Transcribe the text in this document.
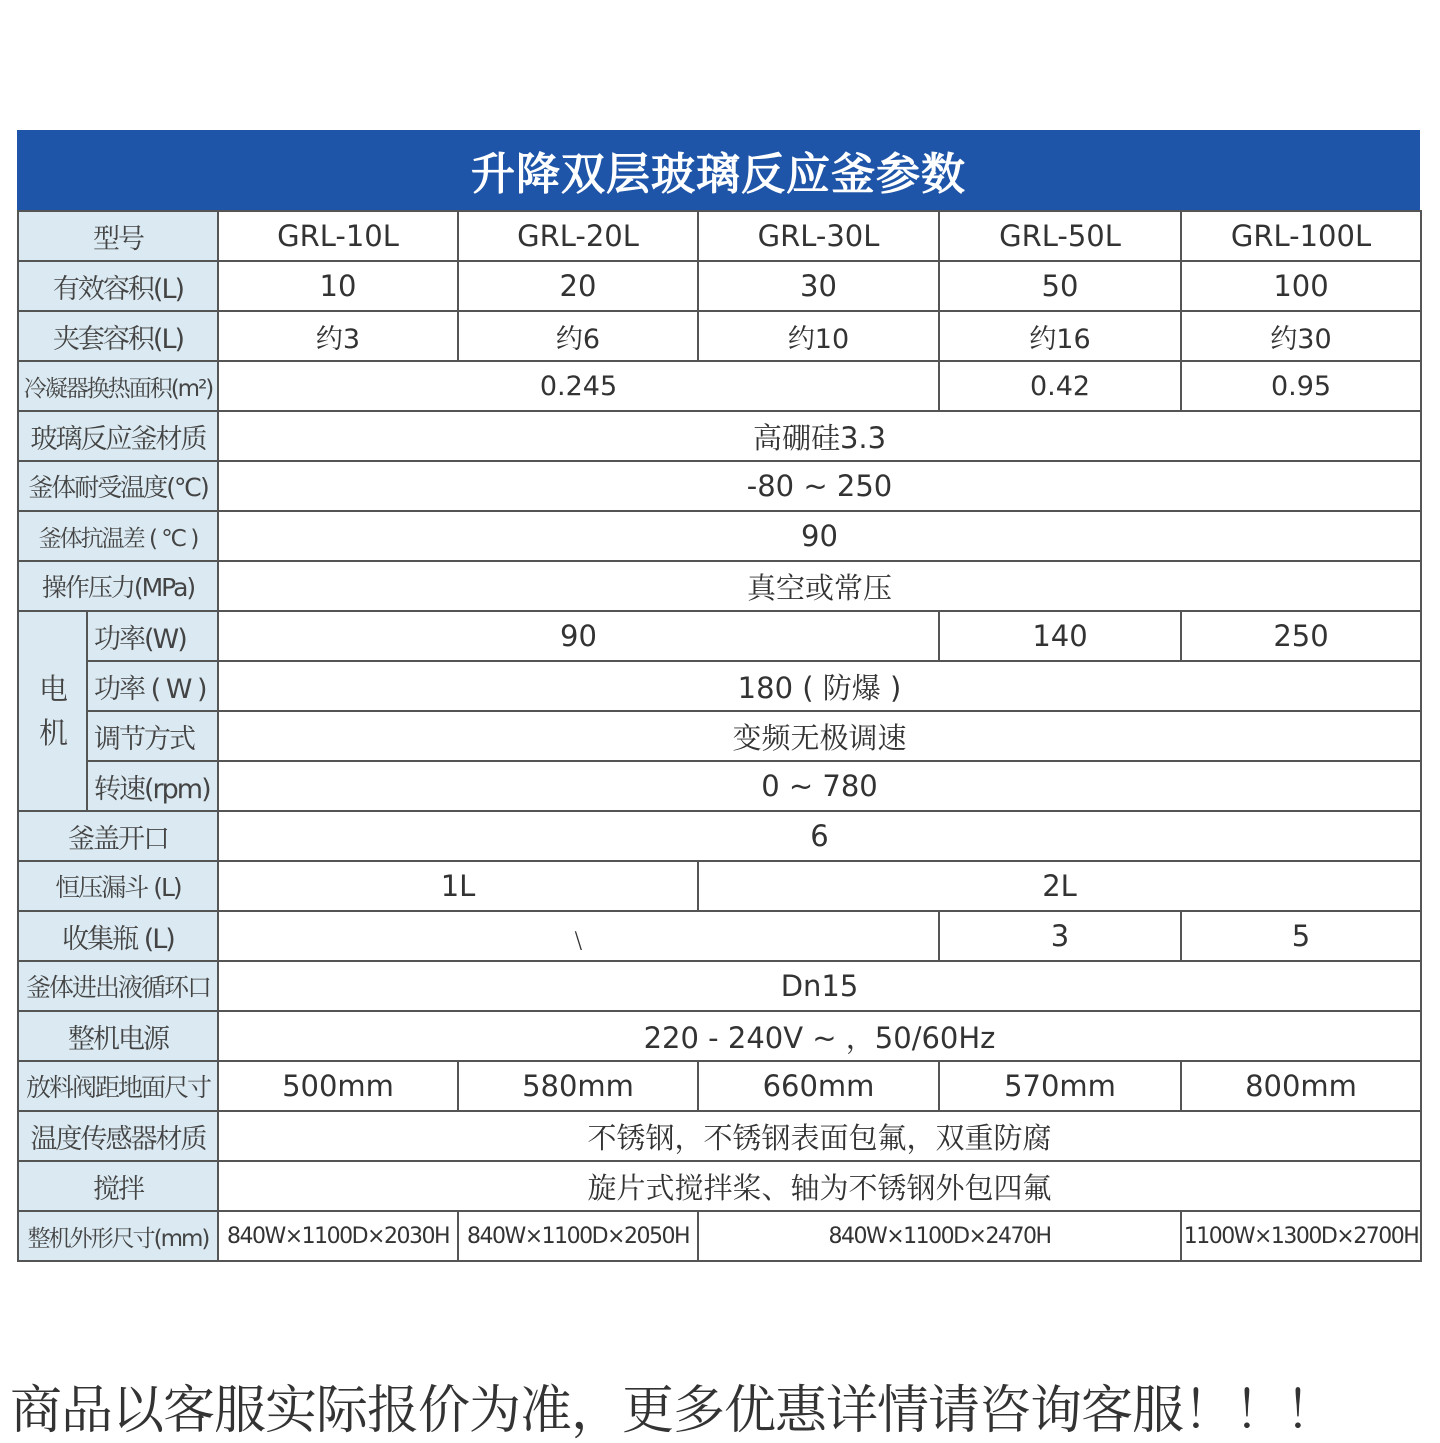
升降双层玻璃反应釜参数
型号		GRL-10L	GRL-20L	GRL-30L	GRL-50L	GRL-100L
有效容积(L)		10	20	30	50	100
夹套容积(L)		约3	约6	约10	约16	约30
冷凝器换热面积(m²)		0.245			0.42	0.95
玻璃反应釜材质		高硼硅3.3				
釜体耐受温度(℃)		-80 ~ 250				
釜体抗温差 ( ℃ )		90				
操作压力(MPa)		真空或常压				
电机	功率(W)	90			140	250
	功率 ( W )	180 ( 防爆 )				
	调节方式	变频无极调速				
	转速(rpm)	0 ~ 780				
釜盖开口		6				
恒压漏斗 (L)		1L		2L		
收集瓶 (L)		﹨			3	5
釜体进出液循环口		Dn15				
整机电源		220 - 240V ~ ，50/60Hz				
放料阀距地面尺寸		500mm	580mm	660mm	570mm	800mm
温度传感器材质		不锈钢，不锈钢表面包氟，双重防腐				
搅拌		旋片式搅拌桨、轴为不锈钢外包四氟				
整机外形尺寸(mm)		840W×1100D×2030H	840W×1100D×2050H	840W×1100D×2470H		1100W×1300D×2700H
商品以客服实际报价为准，更多优惠详情请咨询客服！！！
